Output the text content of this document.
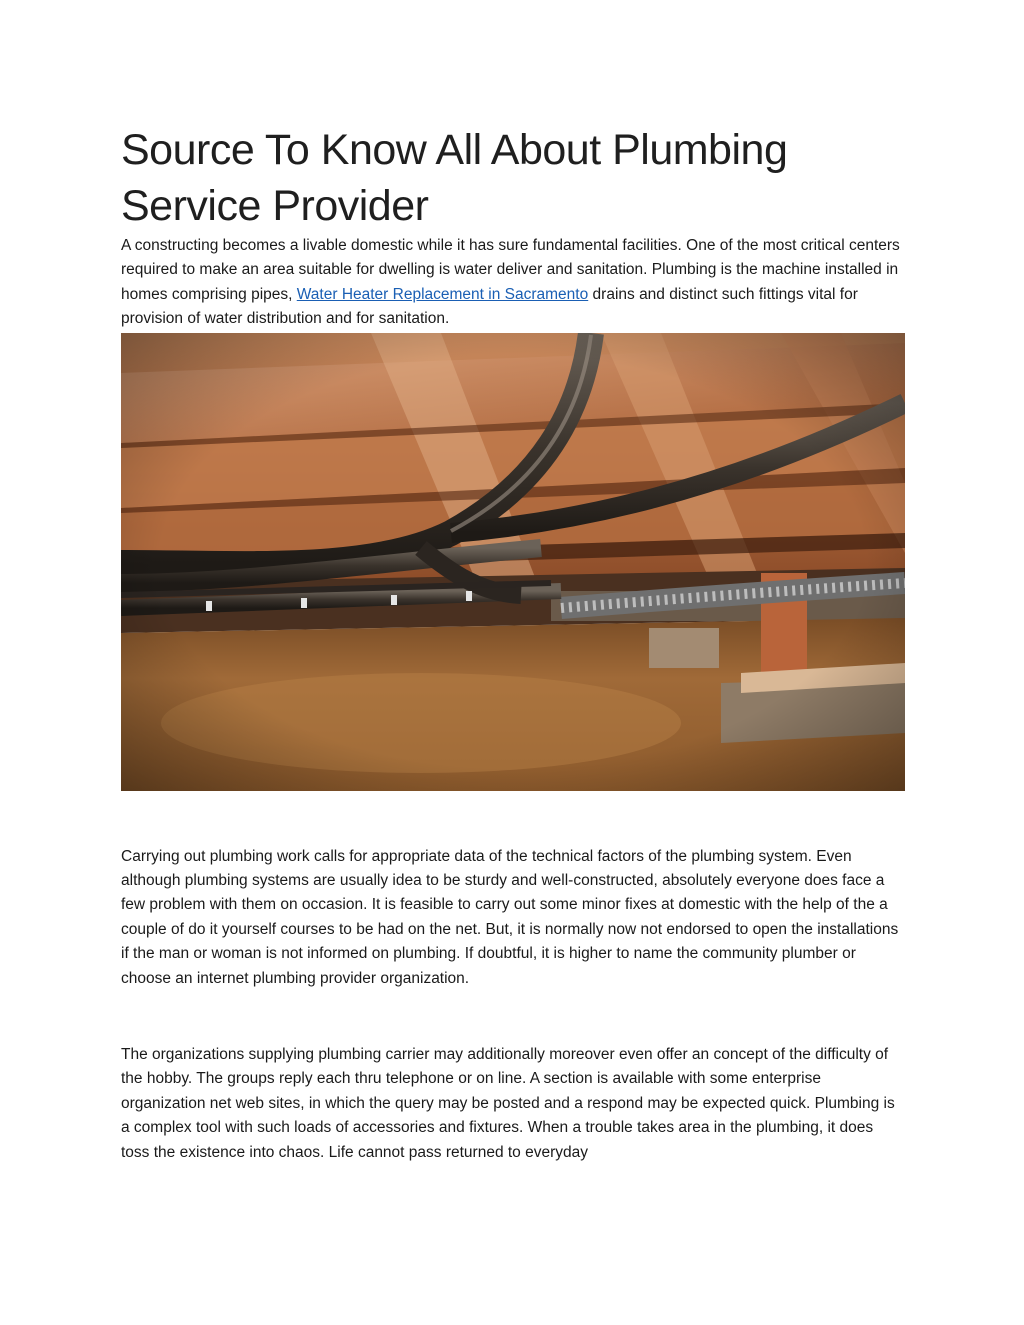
Source To Know All About Plumbing Service Provider

A constructing becomes a livable domestic while it has sure fundamental facilities. One of the most critical centers required to make an area suitable for dwelling is water deliver and sanitation. Plumbing is the machine installed in homes comprising pipes, Water Heater Replacement in Sacramento drains and distinct such fittings vital for provision of water distribution and for sanitation.

Carrying out plumbing work calls for appropriate data of the technical factors of the plumbing system. Even although plumbing systems are usually idea to be sturdy and well-constructed, absolutely everyone does face a few problem with them on occasion. It is feasible to carry out some minor fixes at domestic with the help of the a couple of do it yourself courses to be had on the net. But, it is normally now not endorsed to open the installations if the man or woman is not informed on plumbing. If doubtful, it is higher to name the community plumber or choose an internet plumbing provider organization.

The organizations supplying plumbing carrier may additionally moreover even offer an concept of the difficulty of the hobby. The groups reply each thru telephone or on line. A section is available with some enterprise organization net web sites, in which the query may be posted and a respond may be expected quick. Plumbing is a complex tool with such loads of accessories and fixtures. When a trouble takes area in the plumbing, it does toss the existence into chaos. Life cannot pass returned to everyday
